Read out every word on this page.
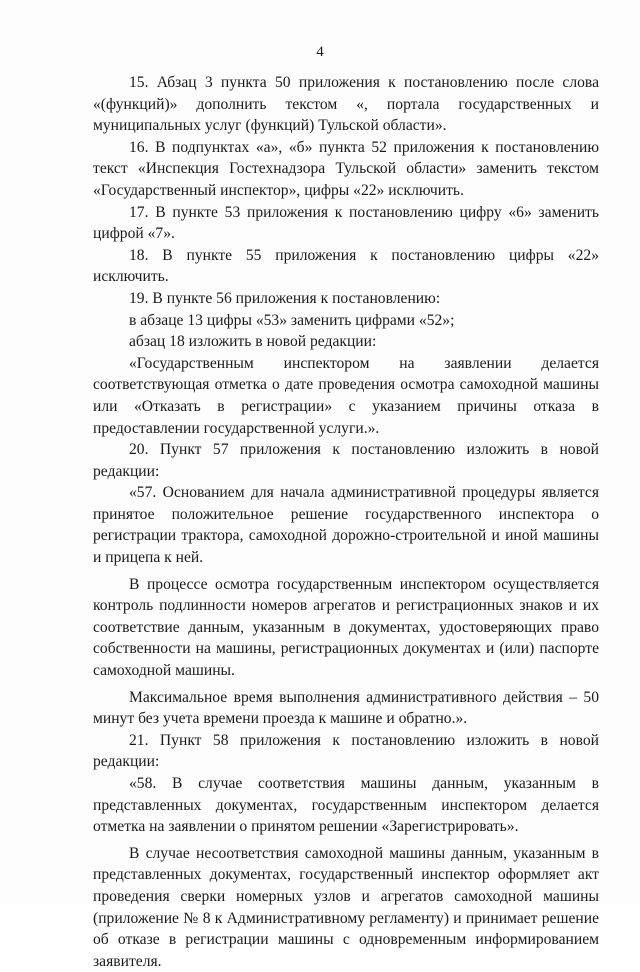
4

15. Абзац 3 пункта 50 приложения к постановлению после слова «(функций)» дополнить текстом «, портала государственных и муниципальных услуг (функций) Тульской области».

16. В подпунктах «а», «б» пункта 52 приложения к постановлению текст «Инспекция Гостехнадзора Тульской области» заменить текстом «Государственный инспектор», цифры «22» исключить.

17. В пункте 53 приложения к постановлению цифру «6» заменить цифрой «7».

18. В пункте 55 приложения к постановлению цифры «22» исключить.

19. В пункте 56 приложения к постановлению:

в абзаце 13 цифры «53» заменить цифрами «52»;

абзац 18 изложить в новой редакции:

«Государственным инспектором на заявлении делается соответствующая отметка о дате проведения осмотра самоходной машины или «Отказать в регистрации» с указанием причины отказа в предоставлении государственной услуги.».

20. Пункт 57 приложения к постановлению изложить в новой редакции:

«57. Основанием для начала административной процедуры является принятое положительное решение государственного инспектора о регистрации трактора, самоходной дорожно-строительной и иной машины и прицепа к ней.

В процессе осмотра государственным инспектором осуществляется контроль подлинности номеров агрегатов и регистрационных знаков и их соответствие данным, указанным в документах, удостоверяющих право собственности на машины, регистрационных документах и (или) паспорте самоходной машины.

Максимальное время выполнения административного действия – 50 минут без учета времени проезда к машине и обратно.».

21. Пункт 58 приложения к постановлению изложить в новой редакции:

«58. В случае соответствия машины данным, указанным в представленных документах, государственным инспектором делается отметка на заявлении о принятом решении «Зарегистрировать».

В случае несоответствия самоходной машины данным, указанным в представленных документах, государственный инспектор оформляет акт проведения сверки номерных узлов и агрегатов самоходной машины (приложение № 8 к Административному регламенту) и принимает решение об отказе в регистрации машины с одновременным информированием заявителя.
